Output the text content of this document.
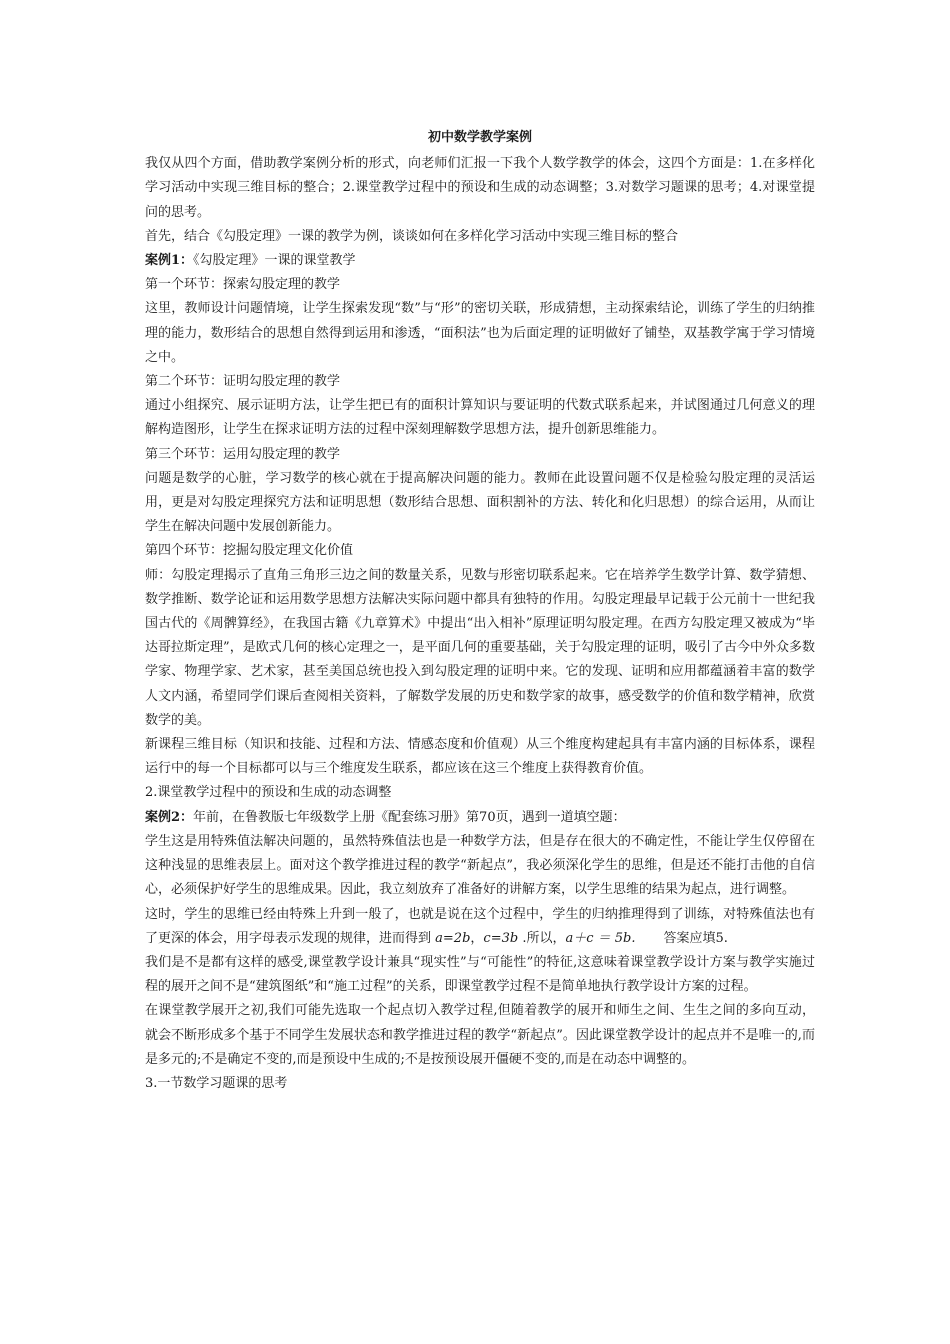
初中数学教学案例

我仅从四个方面，借助教学案例分析的形式，向老师们汇报一下我个人数学教学的体会，这四个方面是：1.在多样化学习活动中实现三维目标的整合；2.课堂教学过程中的预设和生成的动态调整；3.对数学习题课的思考；4.对课堂提问的思考。

首先，结合《勾股定理》一课的教学为例，谈谈如何在多样化学习活动中实现三维目标的整合

案例1：《勾股定理》一课的课堂教学

第一个环节：探索勾股定理的教学

这里，教师设计问题情境，让学生探索发现“数”与“形”的密切关联，形成猜想，主动探索结论，训练了学生的归纳推理的能力，数形结合的思想自然得到运用和渗透，“面积法”也为后面定理的证明做好了铺垫，双基教学寓于学习情境之中。

第二个环节：证明勾股定理的教学

通过小组探究、展示证明方法，让学生把已有的面积计算知识与要证明的代数式联系起来，并试图通过几何意义的理解构造图形，让学生在探求证明方法的过程中深刻理解数学思想方法，提升创新思维能力。

第三个环节：运用勾股定理的教学

问题是数学的心脏，学习数学的核心就在于提高解决问题的能力。教师在此设置问题不仅是检验勾股定理的灵活运用，更是对勾股定理探究方法和证明思想（数形结合思想、面积割补的方法、转化和化归思想）的综合运用，从而让学生在解决问题中发展创新能力。

第四个环节：挖掘勾股定理文化价值

师：勾股定理揭示了直角三角形三边之间的数量关系，见数与形密切联系起来。它在培养学生数学计算、数学猜想、数学推断、数学论证和运用数学思想方法解决实际问题中都具有独特的作用。勾股定理最早记载于公元前十一世纪我国古代的《周髀算经》，在我国古籍《九章算术》中提出“出入相补”原理证明勾股定理。在西方勾股定理又被成为“毕达哥拉斯定理”，是欧式几何的核心定理之一，是平面几何的重要基础，关于勾股定理的证明，吸引了古今中外众多数学家、物理学家、艺术家，甚至美国总统也投入到勾股定理的证明中来。它的发现、证明和应用都蕴涵着丰富的数学人文内涵，希望同学们课后查阅相关资料，了解数学发展的历史和数学家的故事，感受数学的价值和数学精神，欣赏数学的美。

新课程三维目标（知识和技能、过程和方法、情感态度和价值观）从三个维度构建起具有丰富内涵的目标体系，课程运行中的每一个目标都可以与三个维度发生联系，都应该在这三个维度上获得教育价值。

2.课堂教学过程中的预设和生成的动态调整

案例2：年前，在鲁教版七年级数学上册《配套练习册》第70页，遇到一道填空题：

学生这是用特殊值法解决问题的，虽然特殊值法也是一种数学方法，但是存在很大的不确定性，不能让学生仅停留在这种浅显的思维表层上。面对这个教学推进过程的教学“新起点”，我必须深化学生的思维，但是还不能打击他的自信心，必须保护好学生的思维成果。因此，我立刻放弃了准备好的讲解方案，以学生思维的结果为起点，进行调整。

这时，学生的思维已经由特殊上升到一般了，也就是说在这个过程中，学生的归纳推理得到了训练，对特殊值法也有了更深的体会，用字母表示发现的规律，进而得到 a=2b，c=3b .所以，a＋c ＝ 5b. 答案应填5.

我们是不是都有这样的感受,课堂教学设计兼具“现实性”与“可能性”的特征,这意味着课堂教学设计方案与教学实施过程的展开之间不是“建筑图纸”和“施工过程”的关系，即课堂教学过程不是简单地执行教学设计方案的过程。

在课堂教学展开之初,我们可能先选取一个起点切入教学过程,但随着教学的展开和师生之间、生生之间的多向互动，就会不断形成多个基于不同学生发展状态和教学推进过程的教学“新起点”。因此课堂教学设计的起点并不是唯一的,而是多元的;不是确定不变的,而是预设中生成的;不是按预设展开僵硬不变的,而是在动态中调整的。

3.一节数学习题课的思考
